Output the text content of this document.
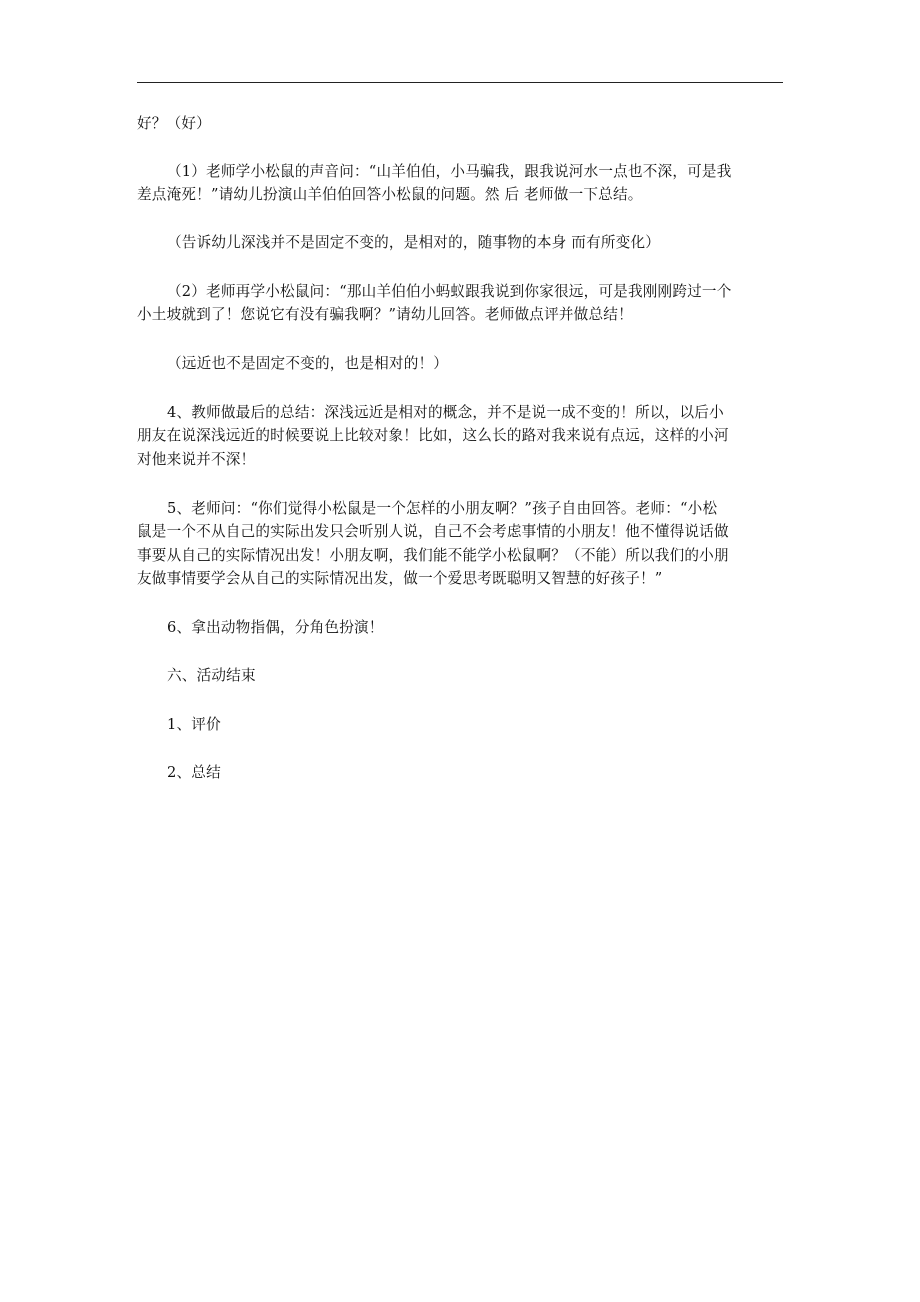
好？（好）
（1）老师学小松鼠的声音问：“山羊伯伯，小马骗我，跟我说河水一点也不深，可是我
差点淹死！”请幼儿扮演山羊伯伯回答小松鼠的问题。然 后 老师做一下总结。
（告诉幼儿深浅并不是固定不变的，是相对的，随事物的本身 而有所变化）
（2）老师再学小松鼠问：“那山羊伯伯小蚂蚁跟我说到你家很远，可是我刚刚跨过一个
小土坡就到了！您说它有没有骗我啊？”请幼儿回答。老师做点评并做总结！
（远近也不是固定不变的，也是相对的！）
4、教师做最后的总结：深浅远近是相对的概念，并不是说一成不变的！所以，以后小
朋友在说深浅远近的时候要说上比较对象！比如，这么长的路对我来说有点远，这样的小河
对他来说并不深！
5、老师问：“你们觉得小松鼠是一个怎样的小朋友啊？”孩子自由回答。老师：“小松
鼠是一个不从自己的实际出发只会听别人说，自己不会考虑事情的小朋友！他不懂得说话做
事要从自己的实际情况出发！小朋友啊，我们能不能学小松鼠啊？（不能）所以我们的小朋
友做事情要学会从自己的实际情况出发，做一个爱思考既聪明又智慧的好孩子！”
6、拿出动物指偶，分角色扮演！
六、活动结束
1、评价
2、总结
